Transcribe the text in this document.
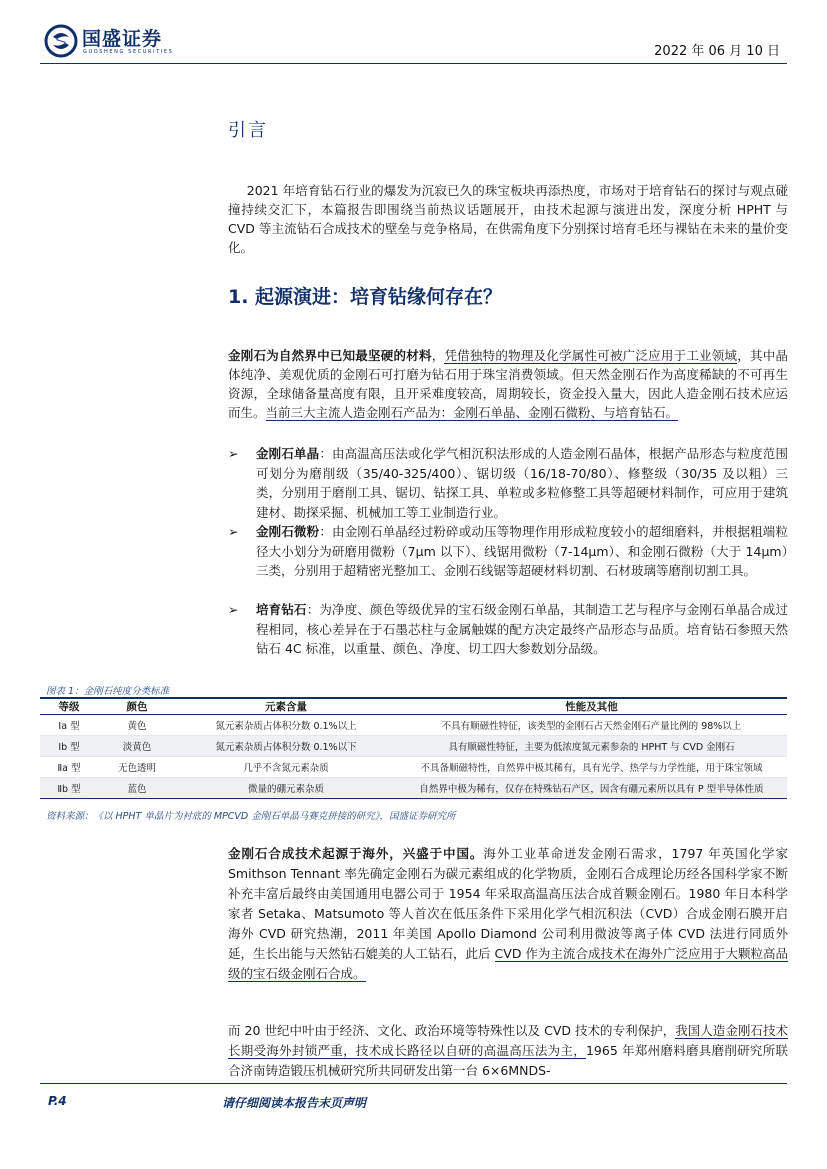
国盛证券
GUOSHENG SECURITIES	2022 年 06 月 10 日
引言
2021 年培育钻石行业的爆发为沉寂已久的珠宝板块再添热度，市场对于培育钻石的探讨与观点碰撞持续交汇下，本篇报告即围绕当前热议话题展开，由技术起源与演进出发，深度分析 HPHT 与 CVD 等主流钻石合成技术的壁垒与竞争格局，在供需角度下分别探讨培育毛坯与裸钻在未来的量价变化。
1. 起源演进：培育钻缘何存在？
金刚石为自然界中已知最坚硬的材料，凭借独特的物理及化学属性可被广泛应用于工业领域，其中晶体纯净、美观优质的金刚石可打磨为钻石用于珠宝消费领域。但天然金刚石作为高度稀缺的不可再生资源，全球储备量高度有限，且开采难度较高，周期较长，资金投入量大，因此人造金刚石技术应运而生。当前三大主流人造金刚石产品为：金刚石单晶、金刚石微粉、与培育钻石。
➢ 金刚石单晶：由高温高压法或化学气相沉积法形成的人造金刚石晶体，根据产品形态与粒度范围可划分为磨削级（35/40-325/400）、锯切级（16/18-70/80）、修整级（30/35 及以粗）三类，分别用于磨削工具、锯切、钻探工具、单粒或多粒修整工具等超硬材料制作，可应用于建筑建材、勘探采掘、机械加工等工业制造行业。
➢ 金刚石微粉：由金刚石单晶经过粉碎或动压等物理作用形成粒度较小的超细磨料，并根据粗端粒径大小划分为研磨用微粉（7μm 以下）、线锯用微粉（7-14μm）、和金刚石微粉（大于 14μm）三类，分别用于超精密光整加工、金刚石线锯等超硬材料切割、石材玻璃等磨削切割工具。
➢ 培育钻石：为净度、颜色等级优异的宝石级金刚石单晶，其制造工艺与程序与金刚石单晶合成过程相同，核心差异在于石墨芯柱与金属触媒的配方决定最终产品形态与品质。培育钻石参照天然钻石 4C 标准，以重量、颜色、净度、切工四大参数划分品级。
图表 1：金刚石纯度分类标准
等级	颜色	元素含量	性能及其他
Ⅰa 型	黄色	氮元素杂质占体积分数 0.1%以上	不具有顺磁性特征，该类型的金刚石占天然金刚石产量比例的 98%以上
Ⅰb 型	淡黄色	氮元素杂质占体积分数 0.1%以下	具有顺磁性特征，主要为低浓度氮元素参杂的 HPHT 与 CVD 金刚石
Ⅱa 型	无色透明	几乎不含氮元素杂质	不具备顺磁特性，自然界中极其稀有，具有光学、热学与力学性能，用于珠宝领域
Ⅱb 型	蓝色	微量的硼元素杂质	自然界中极为稀有，仅存在特殊钻石产区，因含有硼元素所以具有 P 型半导体性质
资料来源：《以 HPHT 单晶片为衬底的 MPCVD 金刚石单晶马赛克拼接的研究》，国盛证券研究所
金刚石合成技术起源于海外，兴盛于中国。海外工业革命迸发金刚石需求，1797 年英国化学家 Smithson Tennant 率先确定金刚石为碳元素组成的化学物质，金刚石合成理论历经各国科学家不断补充丰富后最终由美国通用电器公司于 1954 年采取高温高压法合成首颗金刚石。1980 年日本科学家者 Setaka、Matsumoto 等人首次在低压条件下采用化学气相沉积法（CVD）合成金刚石膜开启海外 CVD 研究热潮，2011 年美国 Apollo Diamond 公司利用微波等离子体 CVD 法进行同质外延，生长出能与天然钻石媲美的人工钻石，此后 CVD 作为主流合成技术在海外广泛应用于大颗粒高品级的宝石级金刚石合成。
而 20 世纪中叶由于经济、文化、政治环境等特殊性以及 CVD 技术的专利保护，我国人造金刚石技术长期受海外封锁严重，技术成长路径以自研的高温高压法为主，1965 年郑州磨料磨具磨削研究所联合济南铸造锻压机械研究所共同研发出第一台 6×6MNDS-
P.4	请仔细阅读本报告末页声明
